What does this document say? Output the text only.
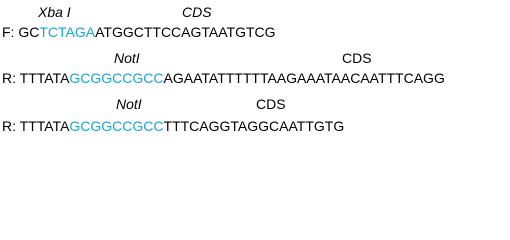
Xba I	CDS
F: GCTCTAGAATGGCTTCCAGTAATGTCG
NotI	CDS
R: TTTATAGCGGCCGCCAGAATATTTTTTAAGAAATAACAATTTCAGG
NotI	CDS
R: TTTATAGCGGCCGCCTTTCAGGTAGGCAATTGTG
